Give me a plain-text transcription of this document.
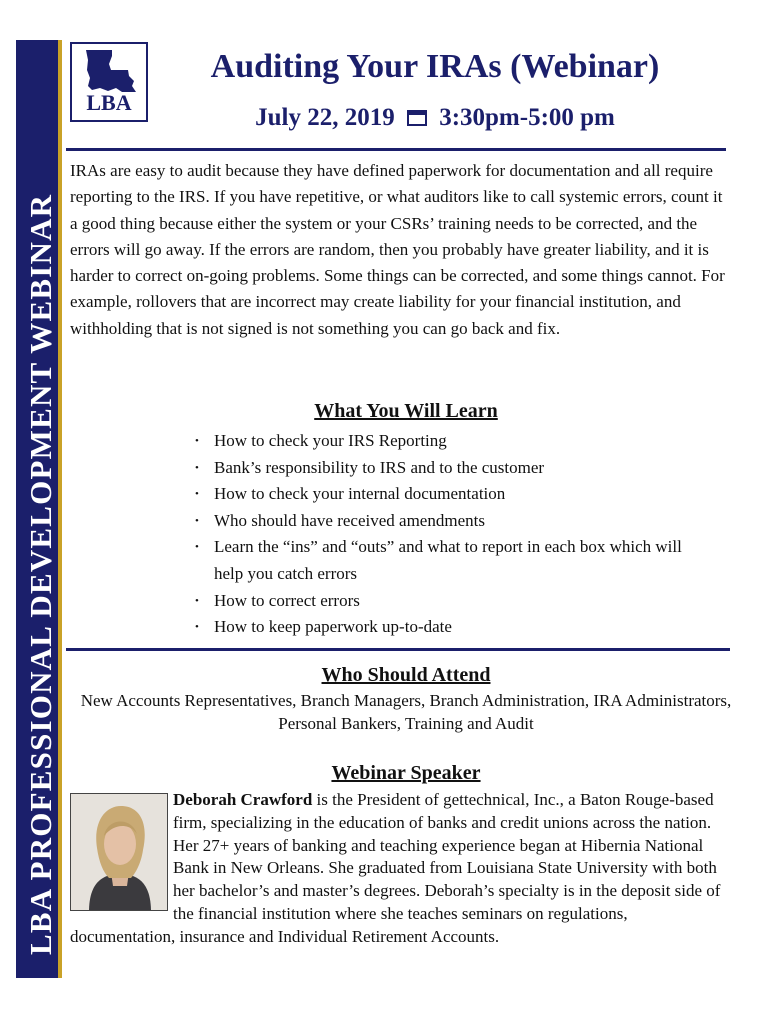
LBA PROFESSIONAL DEVELOPMENT WEBINAR
LBA
Auditing Your IRAs (Webinar)
July 22, 2019 3:30pm-5:00 pm

IRAs are easy to audit because they have defined paperwork for documentation and all require reporting to the IRS. If you have repetitive, or what auditors like to call systemic errors, count it a good thing because either the system or your CSRs’ training needs to be corrected, and the errors will go away. If the errors are random, then you probably have greater liability, and it is harder to correct on-going problems. Some things can be corrected, and some things cannot. For example, rollovers that are incorrect may create liability for your financial institution, and withholding that is not signed is not something you can go back and fix.

What You Will Learn
• How to check your IRS Reporting
• Bank’s responsibility to IRS and to the customer
• How to check your internal documentation
• Who should have received amendments
• Learn the “ins” and “outs” and what to report in each box which will help you catch errors
• How to correct errors
• How to keep paperwork up-to-date
Who Should Attend

New Accounts Representatives, Branch Managers, Branch Administration, IRA Administrators, Personal Bankers, Training and Audit

Webinar Speaker

Deborah Crawford is the President of gettechnical, Inc., a Baton Rouge-based firm, specializing in the education of banks and credit unions across the nation. Her 27+ years of banking and teaching experience began at Hibernia National Bank in New Orleans. She graduated from Louisiana State University with both her bachelor’s and master’s degrees. Deborah’s specialty is in the deposit side of the financial institution where she teaches seminars on regulations, documentation, insurance and Individual Retirement Accounts.
